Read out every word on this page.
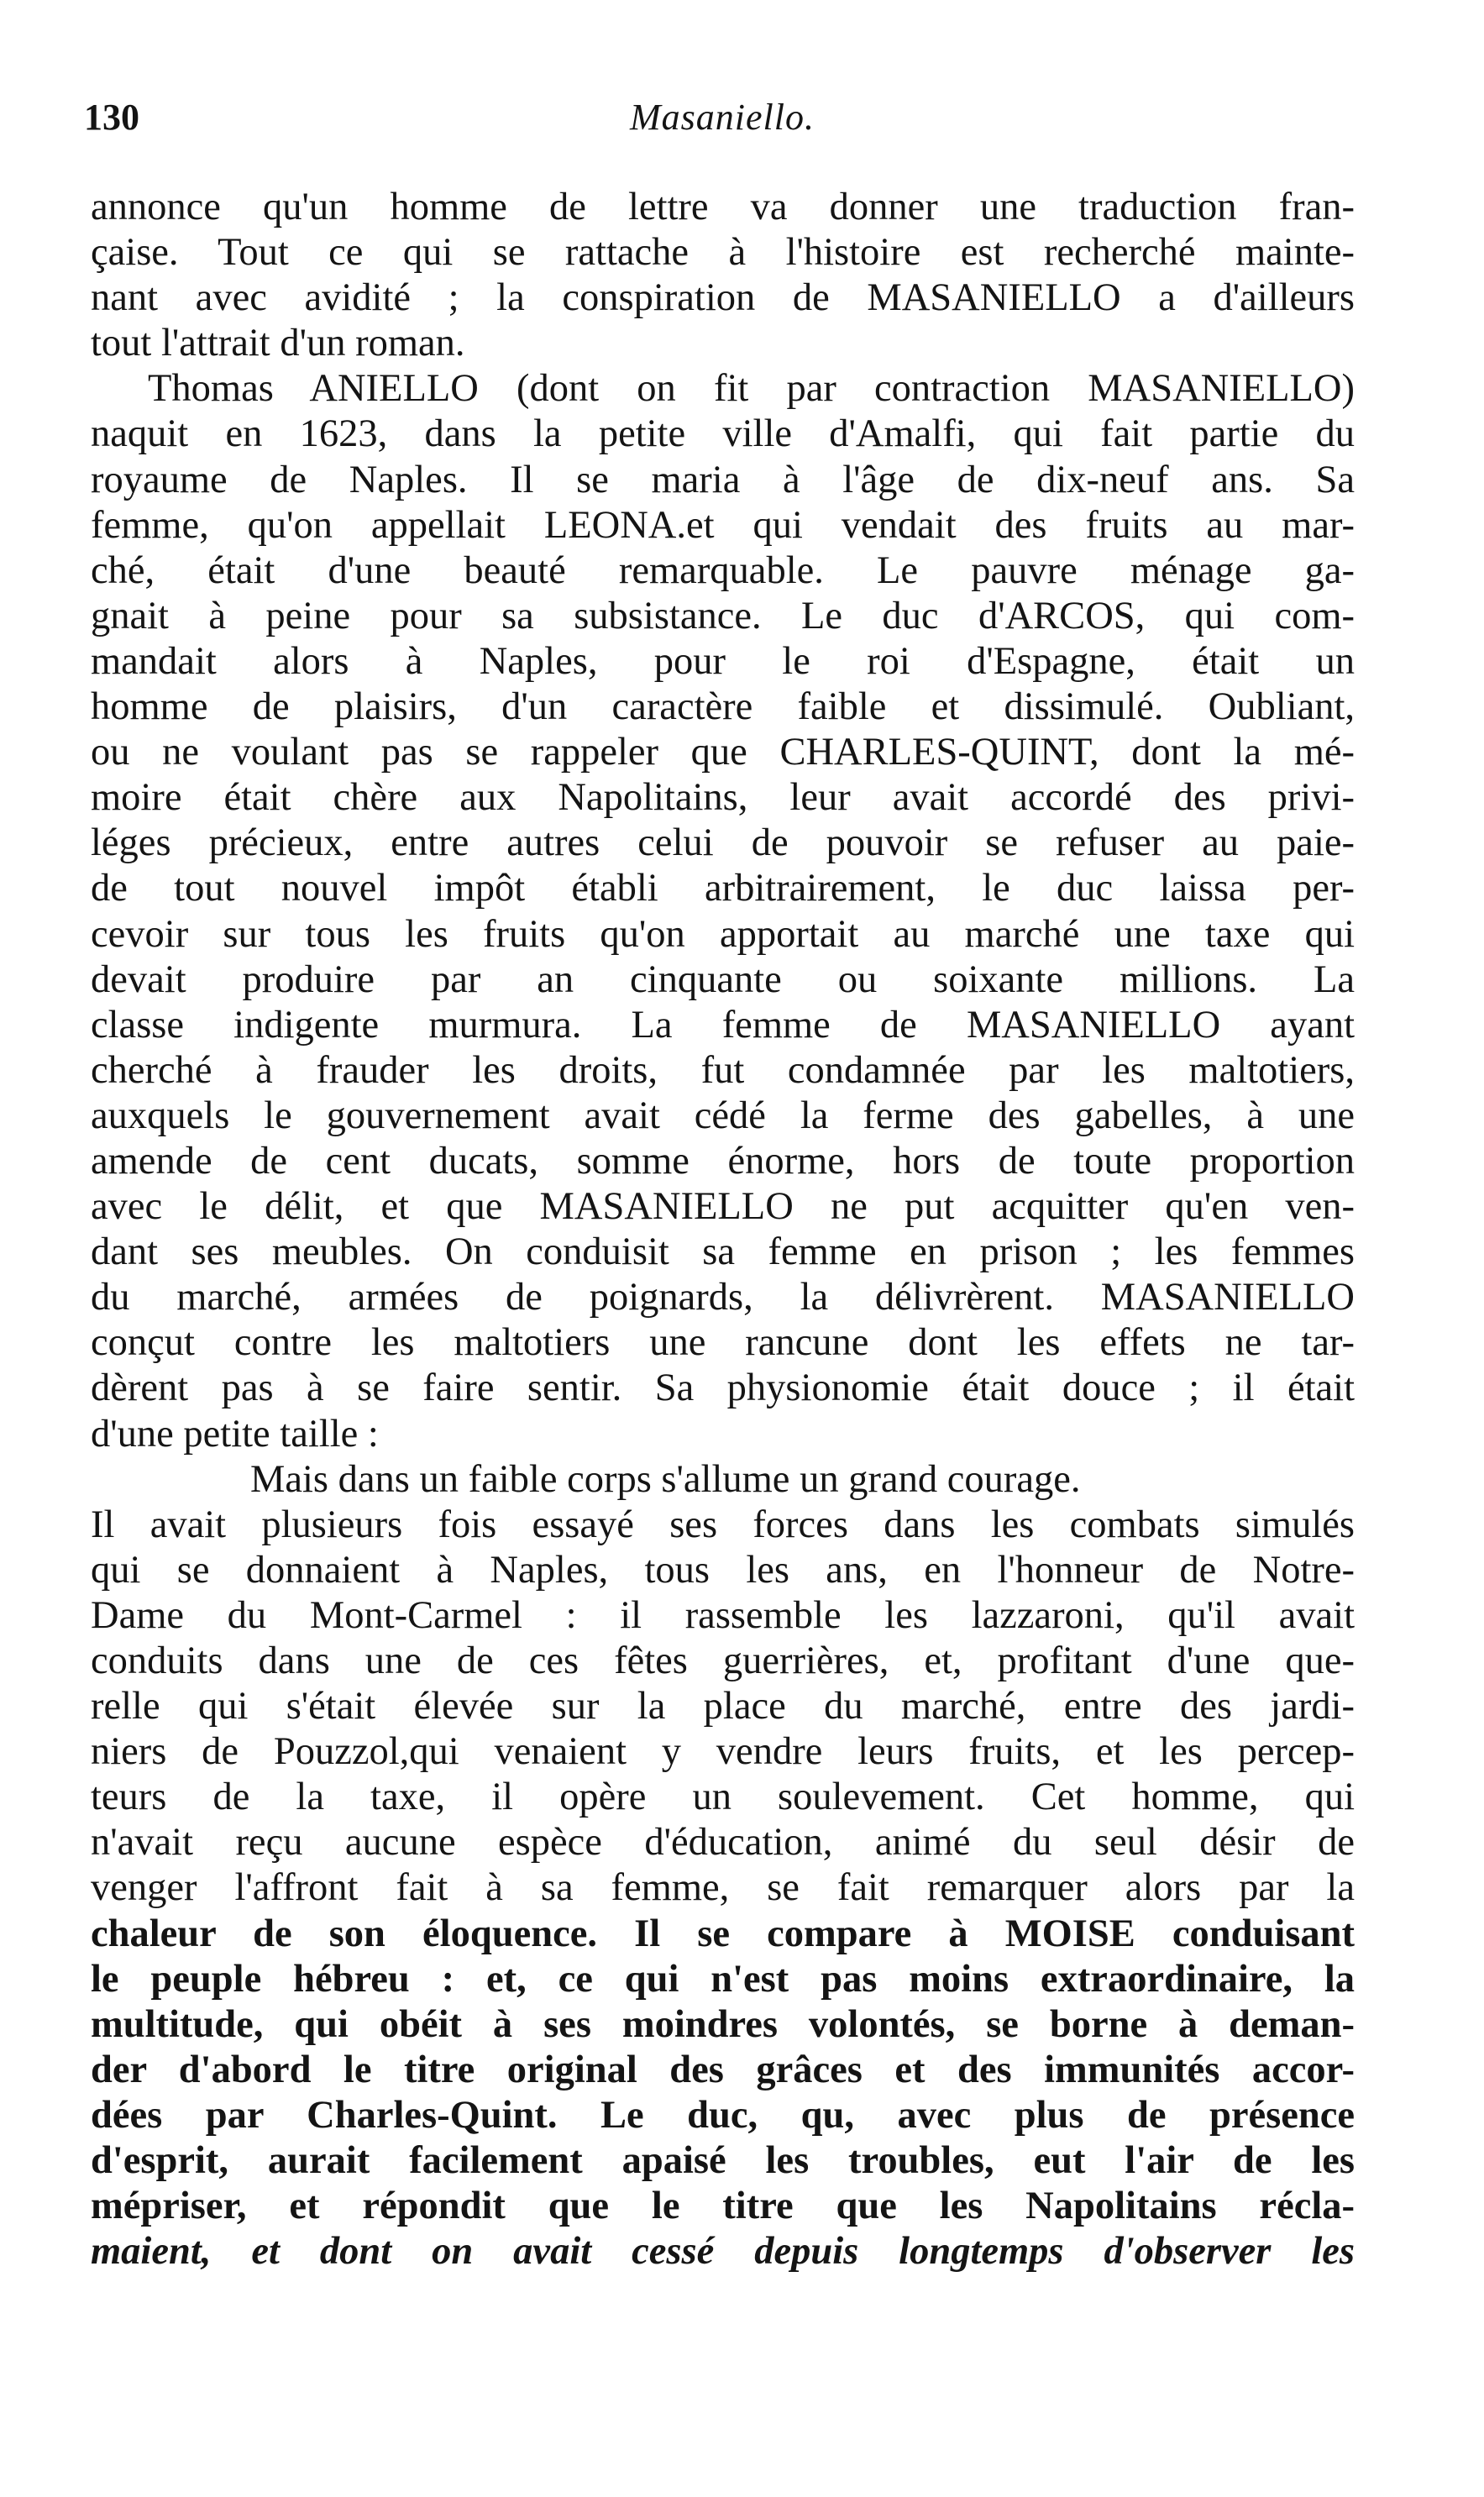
130	Masaniello.
annonce qu'un homme de lettre va donner une traduction fran-
çaise. Tout ce qui se rattache à l'histoire est recherché mainte-
nant avec avidité ; la conspiration de MASANIELLO a d'ailleurs
tout l'attrait d'un roman.
Thomas ANIELLO (dont on fit par contraction MASANIELLO)
naquit en 1623, dans la petite ville d'Amalfi, qui fait partie du
royaume de Naples. Il se maria à l'âge de dix-neuf ans. Sa
femme, qu'on appellait LEONA.et qui vendait des fruits au mar-
ché, était d'une beauté remarquable. Le pauvre ménage ga-
gnait à peine pour sa subsistance. Le duc d'ARCOS, qui com-
mandait alors à Naples, pour le roi d'Espagne, était un
homme de plaisirs, d'un caractère faible et dissimulé. Oubliant,
ou ne voulant pas se rappeler que CHARLES-QUINT, dont la mé-
moire était chère aux Napolitains, leur avait accordé des privi-
léges précieux, entre autres celui de pouvoir se refuser au paie-
de tout nouvel impôt établi arbitrairement, le duc laissa per-
cevoir sur tous les fruits qu'on apportait au marché une taxe qui
devait produire par an cinquante ou soixante millions. La
classe indigente murmura. La femme de MASANIELLO ayant
cherché à frauder les droits, fut condamnée par les maltotiers,
auxquels le gouvernement avait cédé la ferme des gabelles, à une
amende de cent ducats, somme énorme, hors de toute proportion
avec le délit, et que MASANIELLO ne put acquitter qu'en ven-
dant ses meubles. On conduisit sa femme en prison ; les femmes
du marché, armées de poignards, la délivrèrent. MASANIELLO
conçut contre les maltotiers une rancune dont les effets ne tar-
dèrent pas à se faire sentir. Sa physionomie était douce ; il était
d'une petite taille :
Mais dans un faible corps s'allume un grand courage.
Il avait plusieurs fois essayé ses forces dans les combats simulés
qui se donnaient à Naples, tous les ans, en l'honneur de Notre-
Dame du Mont-Carmel : il rassemble les lazzaroni, qu'il avait
conduits dans une de ces fêtes guerrières, et, profitant d'une que-
relle qui s'était élevée sur la place du marché, entre des jardi-
niers de Pouzzol,qui venaient y vendre leurs fruits, et les percep-
teurs de la taxe, il opère un soulevement. Cet homme, qui
n'avait reçu aucune espèce d'éducation, animé du seul désir de
venger l'affront fait à sa femme, se fait remarquer alors par la
chaleur de son éloquence. Il se compare à MOISE conduisant
le peuple hébreu : et, ce qui n'est pas moins extraordinaire, la
multitude, qui obéit à ses moindres volontés, se borne à deman-
der d'abord le titre original des grâces et des immunités accor-
dées par Charles-Quint. Le duc, qu, avec plus de présence
d'esprit, aurait facilement apaisé les troubles, eut l'air de les
mépriser, et répondit que le titre que les Napolitains récla-
maient, et dont on avait cessé depuis longtemps d'observer les
